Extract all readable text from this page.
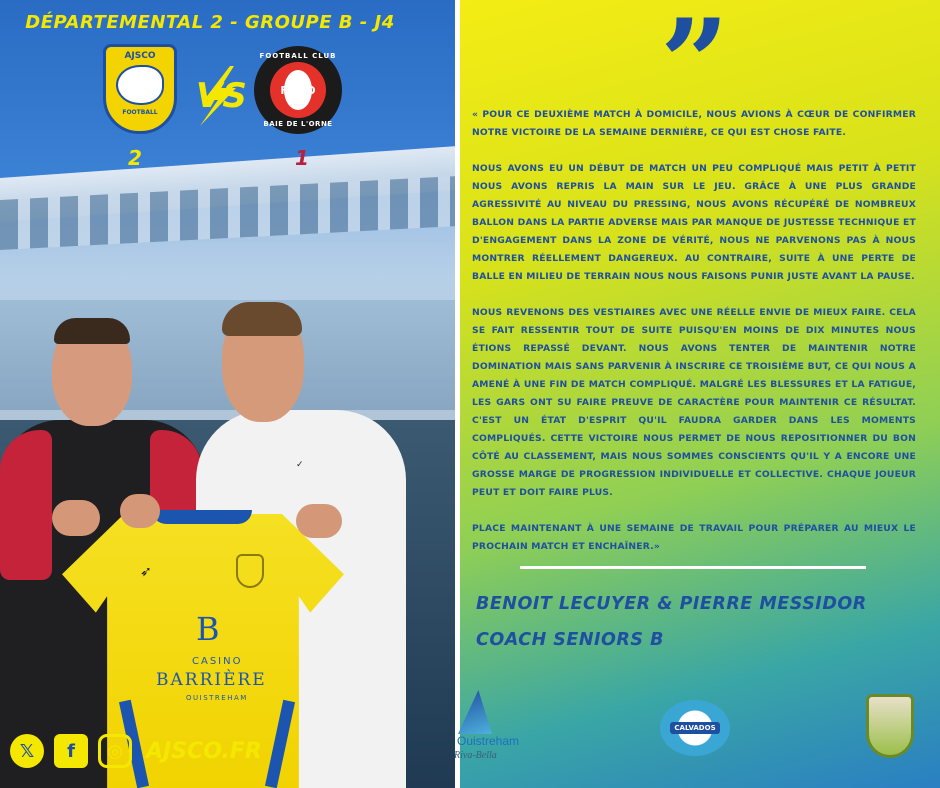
DÉPARTEMENTAL 2 - GROUPE B - J4
AJSCO
FOOTBALL VS
FOOTBALL CLUB
FC BO
BAIE DE L'ORNE
2	1
✓
➶
B
CASINO
BARRIÈRE
OUISTREHAM
𝕏	f	◎	AJSCO.FR
”

« POUR CE DEUXIÈME MATCH À DOMICILE, NOUS AVIONS À CŒUR DE CONFIRMER NOTRE VICTOIRE DE LA SEMAINE DERNIÈRE, CE QUI EST CHOSE FAITE.

NOUS AVONS EU UN DÉBUT DE MATCH UN PEU COMPLIQUÉ MAIS PETIT À PETIT NOUS AVONS REPRIS LA MAIN SUR LE JEU. GRÂCE À UNE PLUS GRANDE AGRESSIVITÉ AU NIVEAU DU PRESSING, NOUS AVONS RÉCUPÉRÉ DE NOMBREUX BALLON DANS LA PARTIE ADVERSE MAIS PAR MANQUE DE JUSTESSE TECHNIQUE ET D'ENGAGEMENT DANS LA ZONE DE VÉRITÉ, NOUS NE PARVENONS PAS À NOUS MONTRER RÉELLEMENT DANGEREUX. AU CONTRAIRE, SUITE À UNE PERTE DE BALLE EN MILIEU DE TERRAIN NOUS NOUS FAISONS PUNIR JUSTE AVANT LA PAUSE.

NOUS REVENONS DES VESTIAIRES AVEC UNE RÉELLE ENVIE DE MIEUX FAIRE. CELA SE FAIT RESSENTIR TOUT DE SUITE PUISQU'EN MOINS DE DIX MINUTES NOUS ÉTIONS REPASSÉ DEVANT. NOUS AVONS TENTER DE MAINTENIR NOTRE DOMINATION MAIS SANS PARVENIR À INSCRIRE CE TROISIÈME BUT, CE QUI NOUS A AMENÉ À UNE FIN DE MATCH COMPLIQUÉ. MALGRÉ LES BLESSURES ET LA FATIGUE, LES GARS ONT SU FAIRE PREUVE DE CARACTÈRE POUR MAINTENIR CE RÉSULTAT. C'EST UN ÉTAT D'ESPRIT QU'IL FAUDRA GARDER DANS LES MOMENTS COMPLIQUÉS. CETTE VICTOIRE NOUS PERMET DE NOUS REPOSITIONNER DU BON CÔTÉ AU CLASSEMENT, MAIS NOUS SOMMES CONSCIENTS QU'IL Y A ENCORE UNE GROSSE MARGE DE PROGRESSION INDIVIDUELLE ET COLLECTIVE. CHAQUE JOUEUR PEUT ET DOIT FAIRE PLUS.

PLACE MAINTENANT À UNE SEMAINE DE TRAVAIL POUR PRÉPARER AU MIEUX LE PROCHAIN MATCH ET ENCHAÎNER.»

BENOIT LECUYER & PIERRE MESSIDOR
COACH SENIORS B
Ouistreham
Riva-Bella
CALVADOS
